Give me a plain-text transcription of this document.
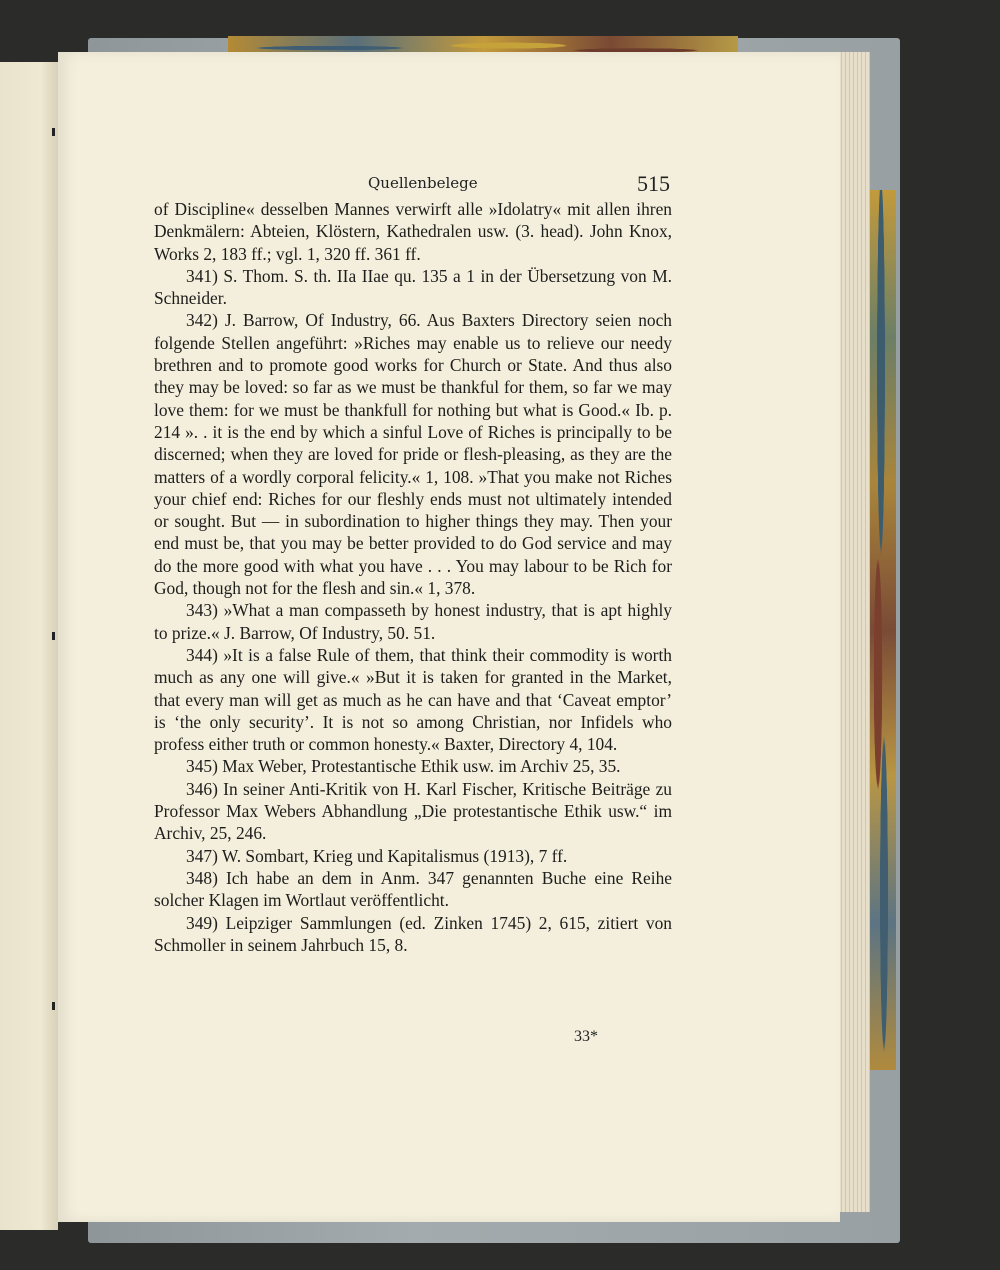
Quellenbelege	515

of Discipline« desselben Mannes verwirft alle »Idolatry« mit allen ihren Denkmälern: Abteien, Klöstern, Kathedralen usw. (3. head). John Knox, Works 2, 183 ff.; vgl. 1, 320 ff. 361 ff.

341) S. Thom. S. th. IIa IIae qu. 135 a 1 in der Übersetzung von M. Schneider.

342) J. Barrow, Of Industry, 66. Aus Baxters Directory seien noch folgende Stellen angeführt: »Riches may enable us to relieve our needy brethren and to promote good works for Church or State. And thus also they may be loved: so far as we must be thankful for them, so far we may love them: for we must be thankfull for nothing but what is Good.« Ib. p. 214 ». . it is the end by which a sinful Love of Riches is principally to be discerned; when they are loved for pride or flesh-pleasing, as they are the matters of a wordly corporal felicity.« 1, 108. »That you make not Riches your chief end: Riches for our fleshly ends must not ultimately intended or sought. But — in subordination to higher things they may. Then your end must be, that you may be better provided to do God service and may do the more good with what you have . . . You may labour to be Rich for God, though not for the flesh and sin.« 1, 378.

343) »What a man compasseth by honest industry, that is apt highly to prize.« J. Barrow, Of Industry, 50. 51.

344) »It is a false Rule of them, that think their commodity is worth much as any one will give.« »But it is taken for granted in the Market, that every man will get as much as he can have and that ‘Caveat emptor’ is ‘the only security’. It is not so among Christian, nor Infidels who profess either truth or common honesty.« Baxter, Directory 4, 104.

345) Max Weber, Protestantische Ethik usw. im Archiv 25, 35.

346) In seiner Anti-Kritik von H. Karl Fischer, Kritische Beiträge zu Professor Max Webers Abhandlung „Die protestantische Ethik usw.“ im Archiv, 25, 246.

347) W. Sombart, Krieg und Kapitalismus (1913), 7 ff.

348) Ich habe an dem in Anm. 347 genannten Buche eine Reihe solcher Klagen im Wortlaut veröffentlicht.

349) Leipziger Sammlungen (ed. Zinken 1745) 2, 615, zitiert von Schmoller in seinem Jahrbuch 15, 8.

33*
